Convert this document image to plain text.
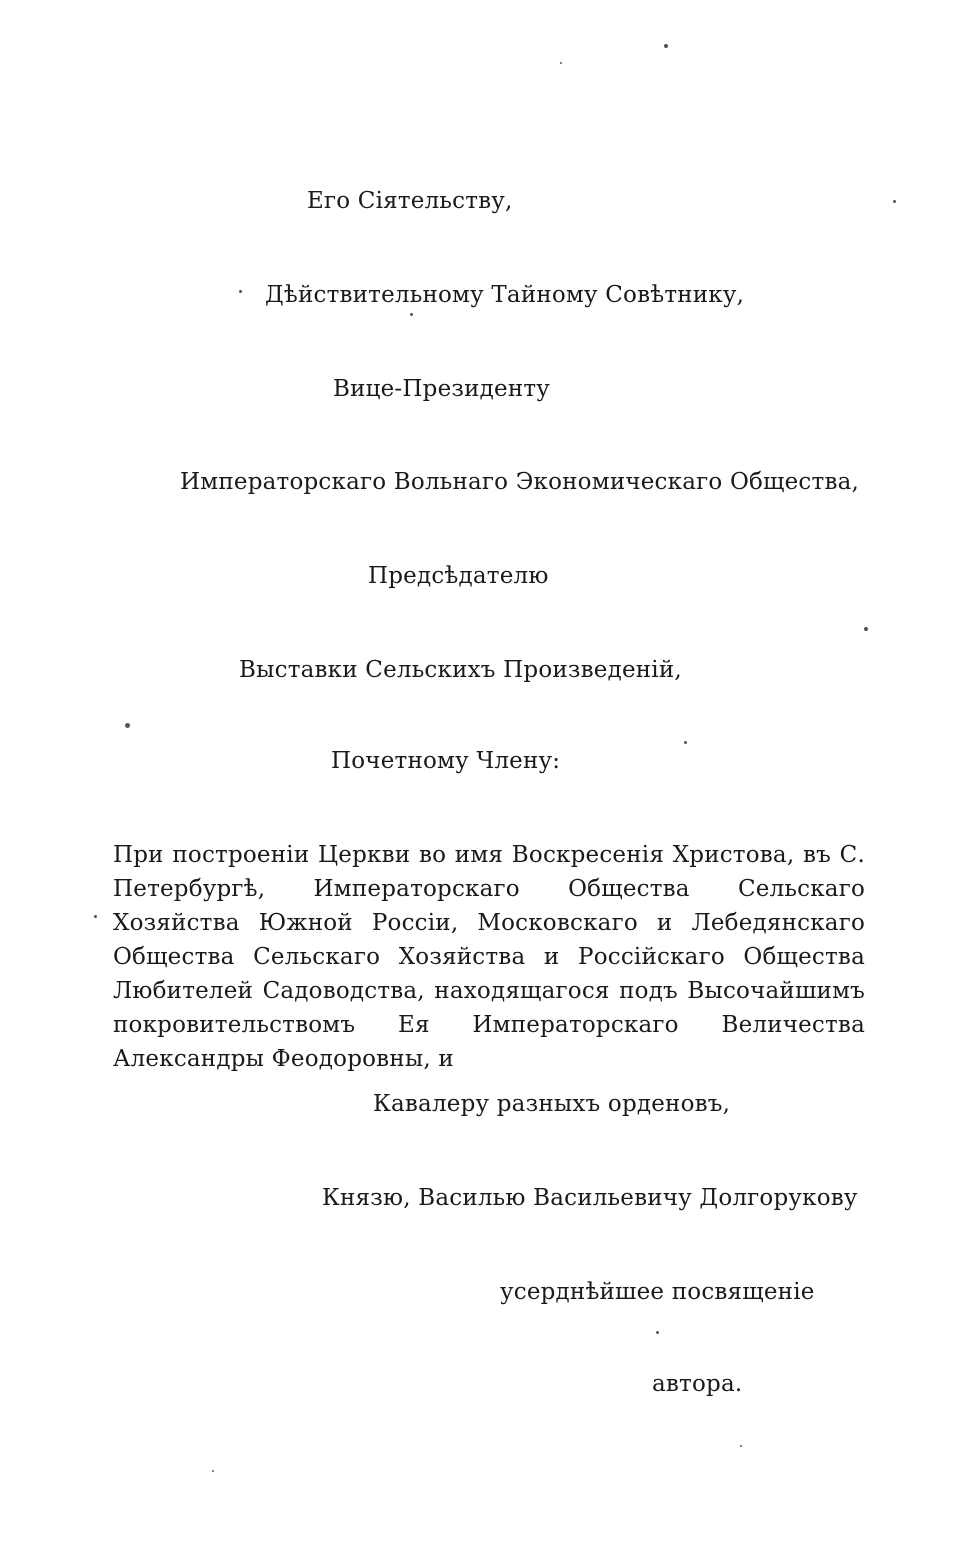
Его Сіятельству,
Дѣйствительному Тайному Совѣтнику,
Вице-Президенту
Императорскаго Вольнаго Экономическаго Общества,
Предсѣдателю
Выставки Сельскихъ Произведеній,
Почетному Члену:
При построеніи Церкви во имя Воскресенія Христова, въ С. Петербургѣ, Императорскаго Общества Сельскаго Хозяйства Южной Россіи, Московскаго и Лебедянскаго Общества Сельскаго Хозяйства и Россійскаго Общества Любителей Садоводства, находящагося подъ Высочайшимъ покровительствомъ Ея Императорскаго Величества Александры Феодоровны, и
Кавалеру разныхъ орденовъ,
Князю, Василью Васильевичу Долгорукову
усерднѣйшее посвященіе
автора.
